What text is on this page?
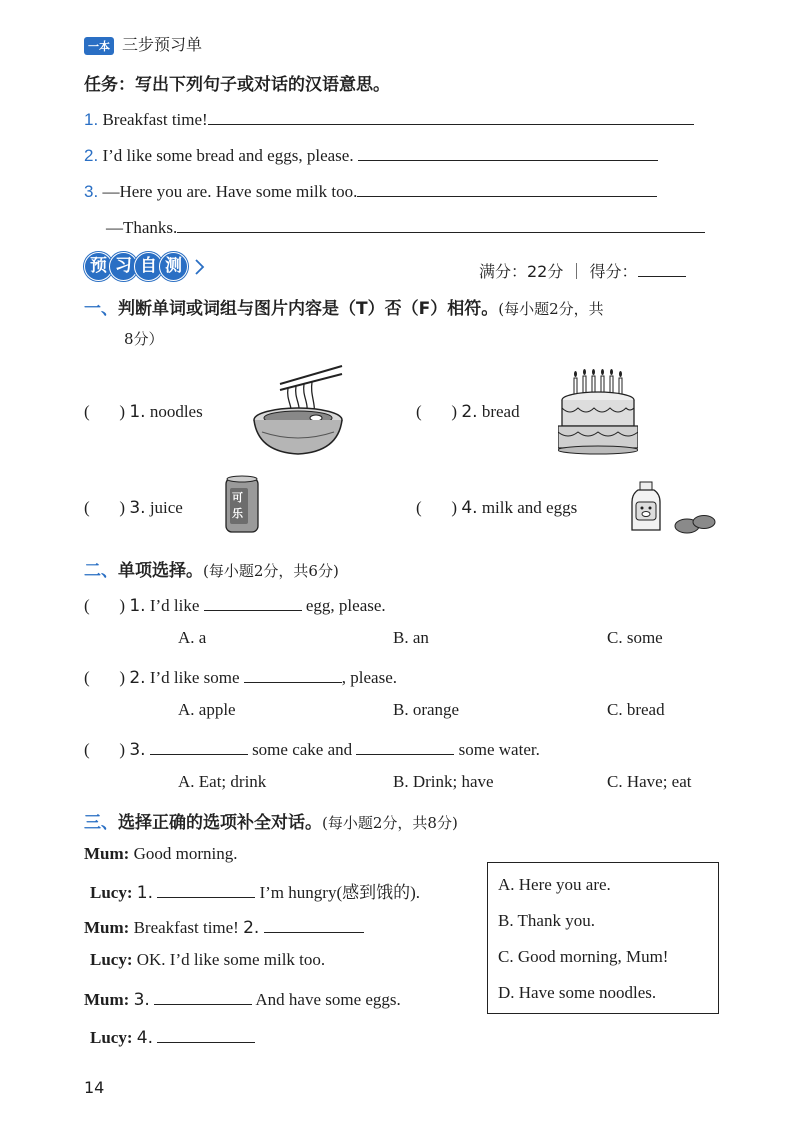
一本 三步预习单
任务：写出下列句子或对话的汉语意思。
1. Breakfast time!
2. I’d like some bread and eggs, please.
3. —Here you are. Have some milk too.
—Thanks.
预 习 自 测	满分：22分 ｜ 得分：
一、判断单词或词组与图片内容是（T）否（F）相符。(每小题2分，共
8分）
(       ) 1. noodles	(       ) 2. bread
(       ) 3. juice
可
乐	(       ) 4. milk and eggs
二、单项选择。(每小题2分，共6分)
(       ) 1. I’d like	egg, please.
A. a	B. an	C. some
(       ) 2. I’d like some	, please.
A. apple	B. orange	C. bread
(       ) 3.	some cake and	some water.
A. Eat; drink	B. Drink; have	C. Have; eat
三、选择正确的选项补全对话。(每小题2分，共8分)
Mum: Good morning.
Lucy: 1.	I’m hungry(感到饿的).
Mum: Breakfast time! 2.
Lucy: OK. I’d like some milk too.
Mum: 3.	And have some eggs.
Lucy: 4.
A. Here you are.
B. Thank you.
C. Good morning, Mum!
D. Have some noodles.
14
